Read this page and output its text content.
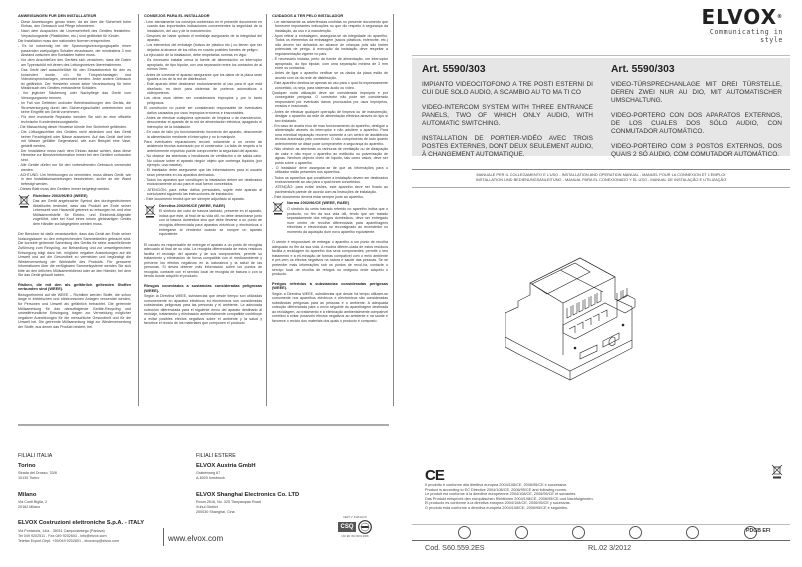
ANWEISUNGEN FÜR DEN INSTALLATEUR
- Diese Anweisungen genau lesen, da sie über die Sicherheit beim Einbau, den Gebrauch und Pflege informieren.
- Nach dem Auspacken die Unversehrtheit des Gerätes feststellen. Verpackungsteile (Plastiktüten, etc.) sind gefährlich für Kinder.
Die Installation muss den nationalen Normen entsprechen.
- Es ist notwendig bei der Spannungsversorgungsquelle einen passenden zweipoligen Schalter einzubauen, der mindestens 3 mm Abstand zwischen den Kontakten haben muss.
- Vor dem Anschließen des Gerätes sich versichern, dass die Daten am Typenschild mit denen des Leitungsnetzes übereinstimmen.
- Das Gerät darf ausschließlich für den Einsatzbereich für den es konstruiert wurde, d.h. für Türsprechanlagen und Videotürsprechanlagen, verwendet werden. Jeder andere Gebrauch ist gefährlich. Der Hersteller nimmt keine Verantwortung für beim Missbrauch des Gerätes entstandene Schäden.
- Vor jeglicher Säuberung oder Nachpflege das Gerät vom Versorgungsnetz trennen.
- Im Fall von Defekten und/oder Betriebsstörungen des Geräts, die Stromversorgung durch den Sicherungsschalter unterbrechen und keine Eingriffe am Gerät vornehmen.
- Für eine eventuelle Reparatur wenden Sie sich an eine offizielle technische Kundenbetreuungsstelle.
- Die Missachtung dieser Hinweise könnte Ihre Sicherheit gefährden.
- Die Lüftungsschlitze des Gerätes nicht abdecken und das Gerät keiner Feuchtigkeit oder Nässe aussetzen. Auf das Gerät darf kein mit Wasser gefüllter Gegenstand, wie zum Beispiel eine Vase, gestellt werden.
- Der Installateur muss nach dem Einbau darauf achten, dass diese Hinweise zur Benutzerinformation immer bei den Geräten vorhanden sind.
- Alle Geräte dürfen nur für den vorbestimmten Gebrauch verwendet werden.
- ACHTUNG: Um Verletzungen zu vermeiden, muss dieses Gerät, wie in den Installationsanleitungen beschrieben, sicher an der Wand befestigt werden.
- Dieses Blatt muss den Geräten immer beigelegt werden.
Richtlinie 2002/96/EG (WEEE)

Das am Gerät angebrachte Symbol des durchgestrichenen Abfallkorbs bedeutet, dass das Produkt am Ende seiner Lebenszeit vom Hausmüll getrennt zu entsorgen ist, und eine Müllsammelstelle für Elektro- und Elektronik-Altgeräte zugeführt, oder bei Kauf eines neuen gleichartigen Geräts dem Händler zurückgegeben werden muss.

Der Benutzer ist dafür verantwortlich, dass das Gerät am Ende seiner Nutzungsdauer zu den entsprechenden Sammelstellen gebracht wird. Die korrekte getrennte Sammlung des Geräts für seine anschließende Zuführung zum Recycling, zur Behandlung und zur umweltgerechten Entsorgung trägt dazu bei, mögliche negative Auswirkungen auf die Umwelt und auf die Gesundheit zu vermeiden und begünstigt die Wiederverwertung der Werkstoffe des Produkts. Für genauere Informationen über die verfügbaren Sammelsysteme wenden Sie sich bitte an den örtlichen Müllsammeldienst oder an den Händler, bei dem Sie das Gerät gekauft haben.

Risiken, die mit den als gefährlich geltenden Stoffen verbunden sind (WEEE).

Bezugnehmend auf die WEEE – Richtlinie werden Stoffe, die schon lange in elektrischen und elektronischen Anlagen verwendet werden, für Personen und Umwelt als gefährlich betrachtet. Die getrennte Müllsammlung für das darauffolgende Geräte-Recycling und umweltfreundliche Entsorgung, tragen zur Vermeidung möglicher negativer Auswirkungen für die menschliche Gesundheit und für die Umwelt bei. Die getrennte Müllsammlung trägt zur Wiederverwertung der Stoffe, aus denen das Produkt besteht, bei.

CONSEJOS PARA EL INSTALADOR
- Leer atentamente los consejos contenidos en el presente documento en cuanto dan importantes indicaciones concernientes la seguridad de la instalación, del uso y de la manutención.
- Después de haber quitado el embalaje asegurarse de la integridad del aparato.
- Los elementos del embalaje (bolsos de plástico etc.) no tienen que ser dejados al alcance de los niños en cuanto posibles fuentes de peligro.
La ejecución de la instalación, debe respetarlas normas en vigor.
- Es necesario instalar cerca la fuente de alimentación un interruptor apropiado, de tipo bipolar, con una separación entre los contactos de al menos 3mm.
- Antes de conectar el aparato asegurarse que los datos de la placa sean iguales a los de la red de distribución.
- Este aparato debe destinarse exclusivamente al uso para el que está diseñado, es decir para sistemas de porteros automáticos o videoporteros.
Los otros usos deben ser considerados impropios y por lo tanto peligrosos.
El constructor no puede ser considerado responsable de eventuales daños causados por usos impropios erróneos e irrazonables.
- Antes de efectuar cualquiera operación de limpieza o de manutención, desconectar el aparato de la red de alimentación eléctrica, apagando el interruptor de la instalación.
- En caso de fallo y/o funcionamiento incorrecto del aparato, desconecte la alimentación mediante el interruptor y no lo manipule.
Para eventuales reparaciones recurrir solamente a un centro de asistencia técnica autorizado por el constructor. La falta de respeto a lo anteriormente expuesto puede comprometer la seguridad del aparato.
- No obstruir las aberturas o hendiduras de ventilación o de salida calor. No colocar sobre el aparato ningún objeto que contenga líquidos (por ejemplo, una maceta).
- El instalador debe asegurarse que las informaciones para el usuario sean presentes en los aparatos derivados.
- Todos los aparatos que constituyen la instalación deben ser destinados exclusivamente al uso para el cual fueron concebidos.
- ATENCIÓN: para evitar daños personales, sujete este aparato al suelo/pared siguiendo las instrucciones de instalación.
- Este documento tendrá que ser siempre adjuntado al aparato.
Directiva 2002/96/CE (WEEE, RAEE)

El símbolo del cubo de basura tachado, presente en el aparato, indica que éste, al final de su vida útil, no debe desecharse junto con la basura doméstica sino que debe llevarse a un punto de recogida diferenciada para aparatos eléctricos y electrónicos o entregarse al vendedor cuando se compre un aparato equivalente.

El usuario es responsable de entregar el aparato a un punto de recogida adecuado al final de su vida. La recogida diferenciada de estos residuos facilita el reciclaje del aparato y de sus componentes, permite su tratamiento y eliminación de forma compatible con el medioambiente y previene los efectos negativos en la naturaleza y la salud de las personas. Si desea obtener más información sobre los puntos de recogida, contacte con el servicio local de recogida de basura o con la tienda donde adquirió el producto.

Riesgos conectados a sustancias consideradas peligrosas (WEEE).

Según la Directiva WEEE, substancias que desde tiempo son utilizadas comunemente en aparatos eléctricos ed electrónicos son consideradas substancias peligrosas para las personas y el ambiente. La adecuada colección diferenciada para el siguiente envío del aparato destinado al reciclaje, tratamiento y eliminación ambientalmente compatible contribuye a evitar posibles efectos negativos sobre el ambiente y la salud y favorece el reciclo de los materiales que componen el producto.

CUIDADOS A TER PELO INSTALADOR
- Ler atentamente as advertências contidas no presente documento que fornecem importantes indicações no que diz respeito à segurança da instalação, ao uso e à manutenção.
- Após retirar a embalagem, assegurar-se da integridade do aparelho. Todos os elementos da embalagem (sacos plásticos, esferovite, etc.) não devem ser deixados ao alcance de crianças pois são fontes potenciais de perigo. A execução da instalação deve respeitar a regulamentação vigente no país.
- É necessário instalar, perto da fuente de alimentação, um interruptor apropriado, do tipo bipolar, com uma separação mínima de 3 mm entre os contactos.
- Antes de ligar o aparelho verificar se os dados da placa estão de acordo com os da rede de distribuição.
- Este aparelho destina-se apenas ao uso para o qual foi expressamente concebido, ou seja, para sistemas áudio ou vídeo.
Qualquer outra utilização deve ser considerada imprópria e por conseguinte perigosa. O construtor não pode ser considerado responsável por eventuais danos provocados por usos impróprios, errados e irracionais.
- Antes de efectuar qualquer operação de limpeza ou de manutenção, desligar o aparelho da rede de alimentação eléctrica através do tipo si two instalado.
- Em caso de avaria e/ou de mau funcionamento do aparelho, desligue a alimentação através do interruptor e não adultere o aparelho. Para uma eventual reparação recorrer somente a um centro de assistência técnica autorizado pelo construtor. O não cumprimento de tudo quanto anteriormente se disse pode comprometer a segurança do aparelho.
- Não obstruir as aberturas ou ranhuras de ventilação ou de dissipação de calor e não expor o aparelho ao estilicídio ou pulverização de águas. Nenhum objecto cheio de líquido, tais como vasos, deve ser posto sobre o aparelho.
- O instalador deve assegurar-se de que as informações para o utilizador estão presentes nos aparelhos.
- Todos os aparelhos que constituem a instalação devem ser destinados exclusivamente ao uso para o qual foram concebidos.
- ATENÇÃO: para evitar lesões, este aparelho deve ser fixado ao pavimento/à parede de acordo com as instruções de instalação.
- Este documento deverá estar sempre junto ao aparelho.
Norma 2002/96/CE (WEEE, RAEE)

O símbolo do cesto barrado referido no aparelho indica que o producto, no fim da sua vida útil, tendo que ser tratado separadamente dos refugos domésticos, deve ser entregado num centro de recolha diferenciada para aparelhagens eléctricas e electrónicas ou reconsignado ao revendedor no momento da aquisição dum novo aparelho equivalente.

O utente é responsável de entregar o aparelho a um ponto de recolha adequado no fim da sua vida. A recolha diferen-ciada de estos resíduos facilita a reciclagem do aparelho dos seus componentes, permite o seu tratamento e a eli-minação de formas compatível com o meio ambiente e pre-vem os efectos negativos na natura e saude das pessoas. Se se pretender mais informações sob os puntos de recol-ha, contacte o serviço local de recolha de refugos ou onégocio onde adquiriu o producto.

Perigos referidos à substancias consideradas perigosas (WEEE).

Según a Directiva WEEE, substâncias que desde há tempo utilizam-se comumente nos aparelhos eléctricos e electrónicos são consideradas substâncias perigosas para as pessoas e o ambiente. A adequada colecção diferenciada para o envio seguinte do aparelhagem destinada ao reciclagem, ao tratamento e à eliminação ambientalmente compatível contribui a evitar possíveis efectos negativos ao ambiente e na saude e favorece o recicio dos materiais dos quais o producto é composto.

ELVOX®
Communicating in style
Art. 5590/303

IMPIANTO VIDEOCITOFONO A TRE POSTI ESTERNI DI CUI DUE SOLO AUDIO, A SCAMBIO AU TO MA TI CO

VIDEO-INTERCOM SYSTEM WITH THREE ENTRANCE PANELS, TWO OF WHICH ONLY AUDIO, WITH AUTOMATIC SWITCHING.

INSTALLATION DE PORTIER-VIDÉO AVEC TROIS POSTES EXTERNES, DONT DEUX SEULEMENT AUDIO, À CHANGEMENT AUTOMATIQUE.

Art. 5590/303

VIDEO-TÜRSPRECHANLAGE MIT DREI TÜRSTELLE, DEREN ZWEI NUR AU DIO, MIT AUTOMATISCHER UMSCHALTUNG.

VIDEO-PORTERO CON DOS APARATOS EXTERNOS, DE LOS CUALES DOS SÓLO AUDIO, CON CONMUTADOR AUTOMÁTICO.

VIDEO-PORTEIRO COM 3 POSTOS EXTERNOS, DOS QUAIS 2 SÓ AUDIO, COM COMUTADOR AUTOMÁTICO.

MANUALE PER IL COLLEGAMENTO E L'USO - INSTALLATION AND OPERATION MANUAL - MANUEL POUR LA CONNEXION ET L'EMPLOI
INSTALLATION UND BEDIENUNGSANLEITUNG - MANUAL PARA EL CONEXIONADO Y EL USO - MANUAL DE INSTALAÇÃO E UTILIZAÇÃO
CE
Il prodotto è conforme alla direttiva europea 2004/108/CE, 2006/95/CE e successive.
Product is according to EC Directive 2004/108/CE, 2006/95/CE and following norms.
Le produit est conforme à la directive européenne 2004/108/CE, 2006/95/CE et suivantes.
Das Produkt entspricht den europäischen Richtlinien 2004/108/CE, 2006/95/CE und Nachfolgenden.
El producto es conforme a la directiva europea 2004/108/CE, 2006/95/CE y sucesivas.
O produto está conforme a directiva europeia 2004/108/CE, 2006/95/CE e seguintes.
PDGB EFI
Cod. S60.559.2ES	RL.02 3/2012
FILIALI ITALIA	FILIALI ESTERE
Torino
Strada del Drosso, 33/8
10135 Torino
Milano
Via Conti Biglia, 2
20162 Milano
ELVOX Austria GmbH
Grabenweg 67
A-6020 Innsbruck
ELVOX Shanghai Electronics Co. LTD
Room 2616, No. 325 Tianyaoqiao Road
Xuhui District
200030 Shanghai, Cina
ELVOX Costruzioni elettroniche S.p.A. - ITALY
Via Pontarola, 14/a - 35011 Campodarsego (Padova)
Tel 049 9202511 - Fax 049 9202603 - info@elvox.com
Telefax Export Dept. +39/049 9202601 - elvoxexp@elvox.com	www.elvox.com
CERT n° 9115 ELVO
CSQ
UNI EN ISO 9001:2008
